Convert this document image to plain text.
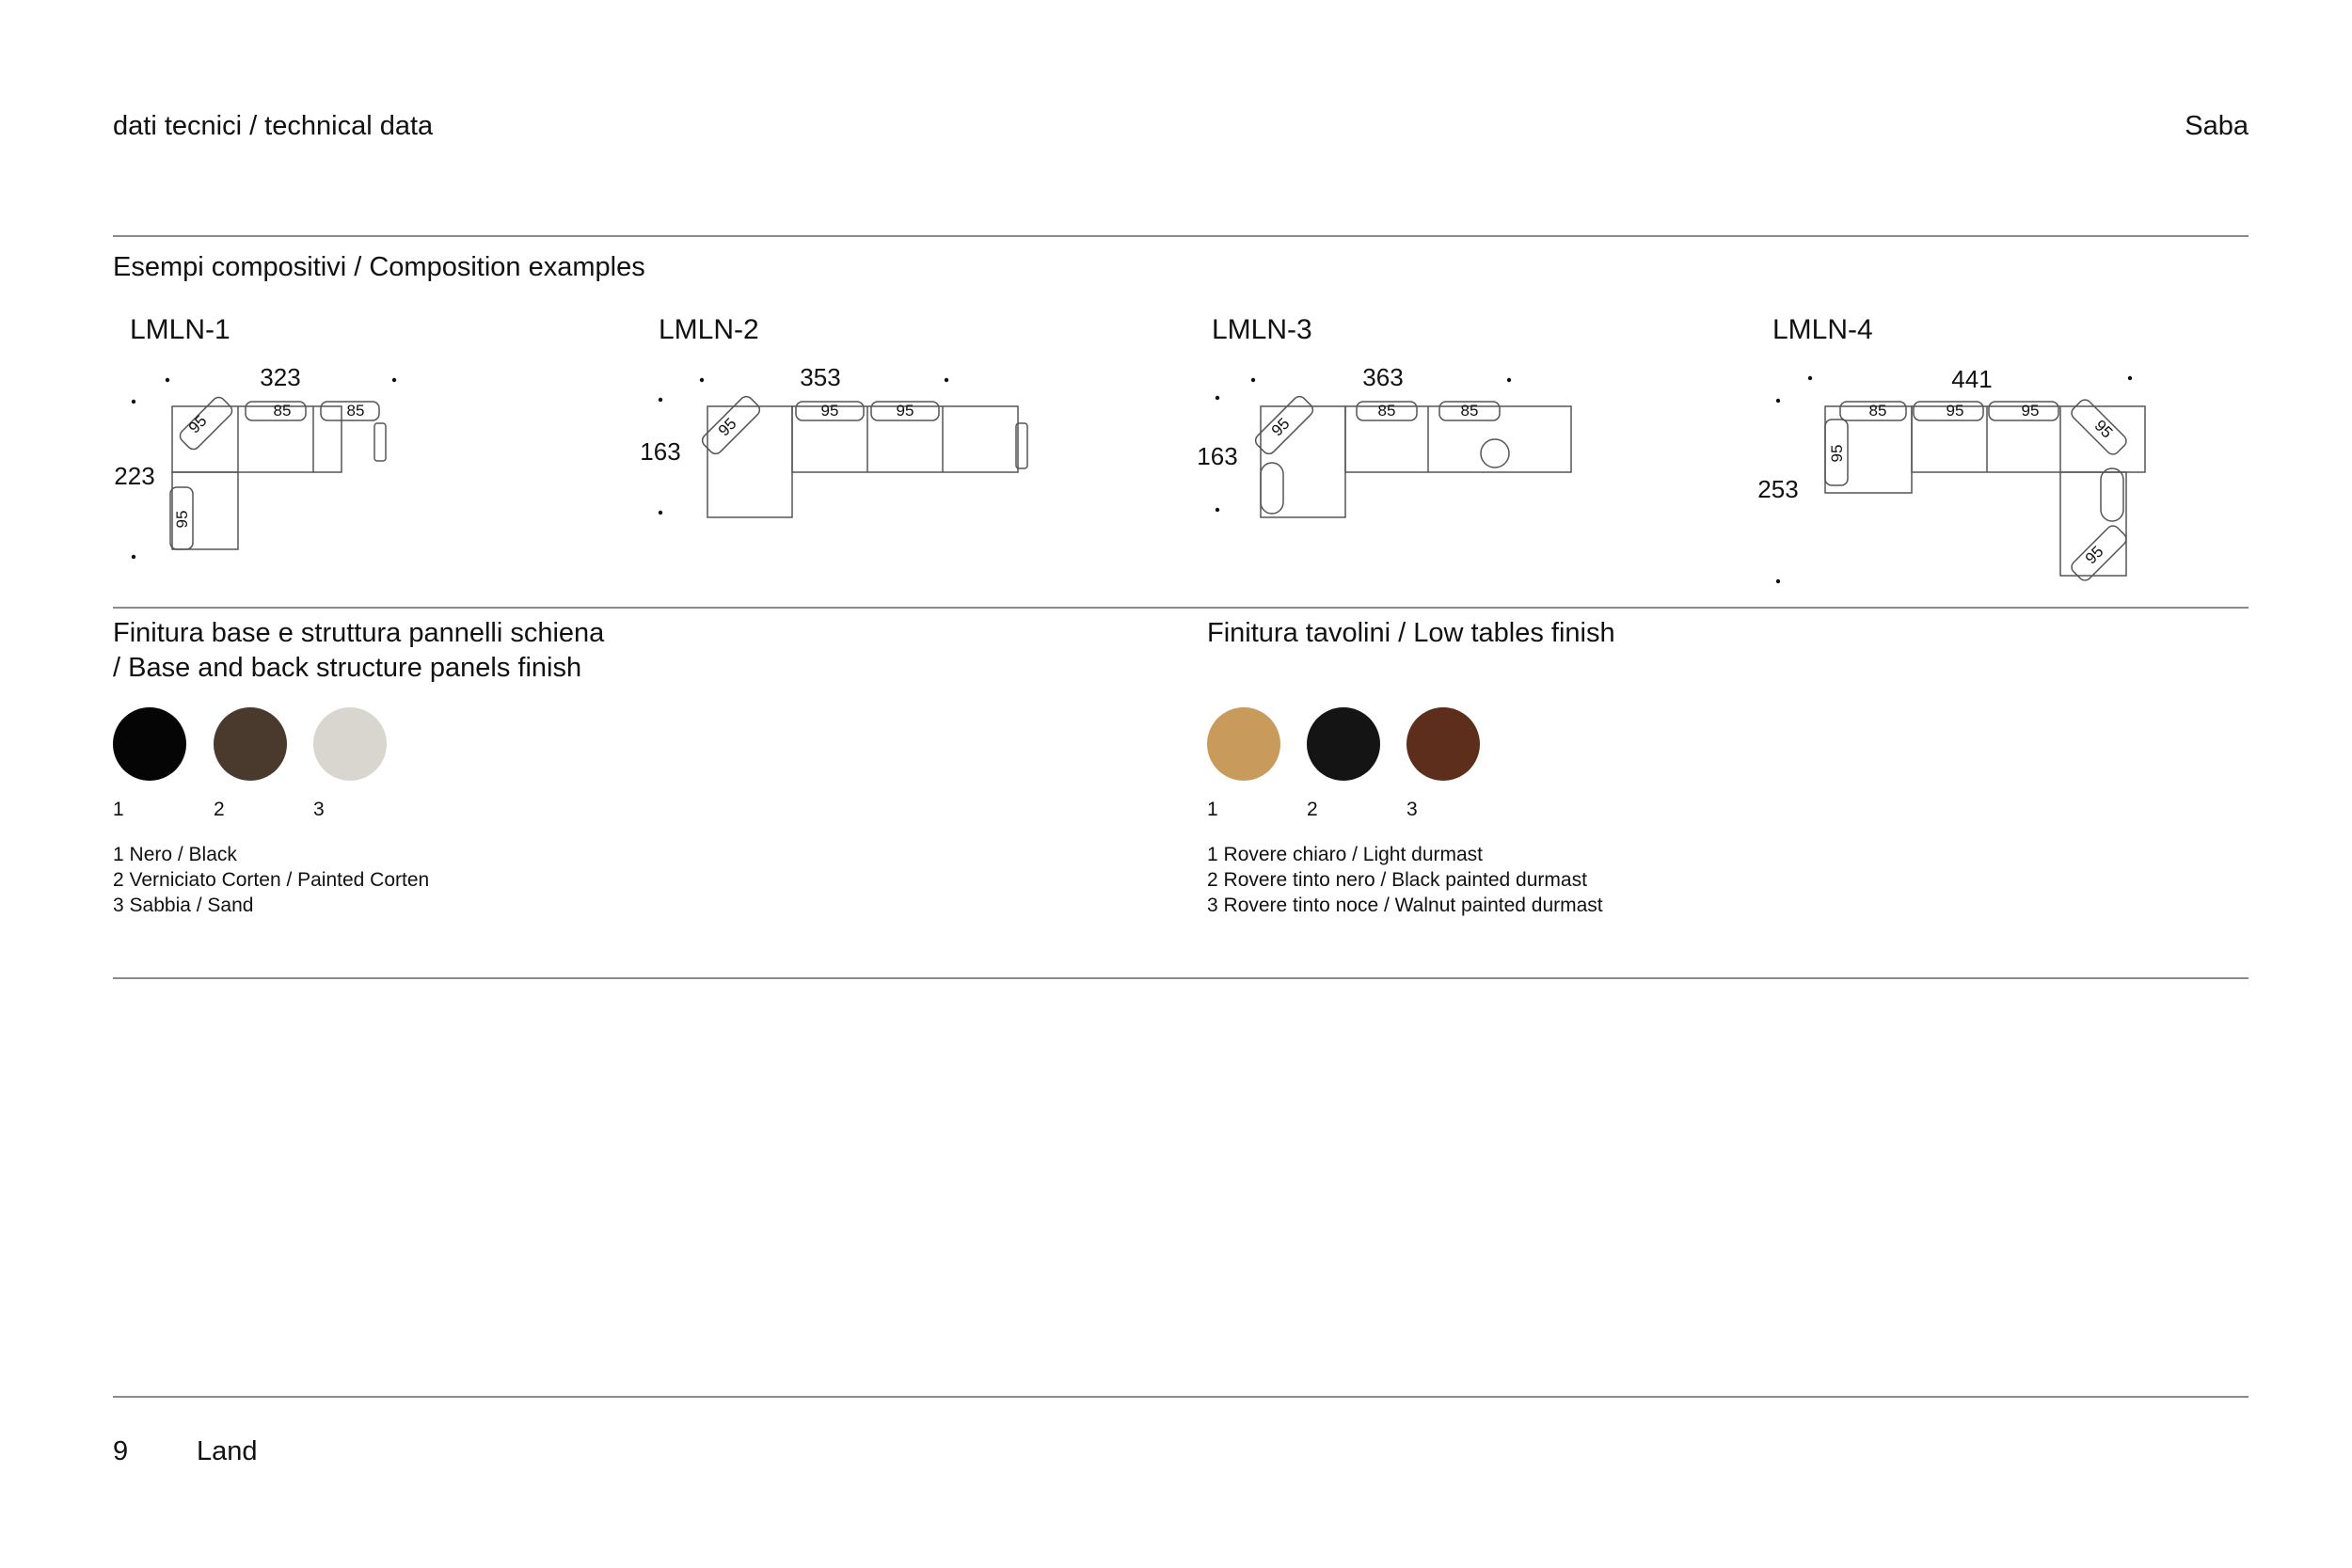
dati tecnici / technical data	Saba
Esempi compositivi / Composition examples
LMLN-1	LMLN-2	LMLN-3	LMLN-4
85	85
95
95
323
223
95	95
95
353
163
85	85
95
363
163	95
85	95	95
95
95
441
253
Finitura base e struttura pannelli schiena
/ Base and back structure panels finish
1	2	3
1 Nero / Black
2 Verniciato Corten / Painted Corten
3 Sabbia / Sand
Finitura tavolini / Low tables finish
1	2	3
1 Rovere chiaro / Light durmast
2 Rovere tinto nero / Black painted durmast
3 Rovere tinto noce / Walnut painted durmast
9	Land
